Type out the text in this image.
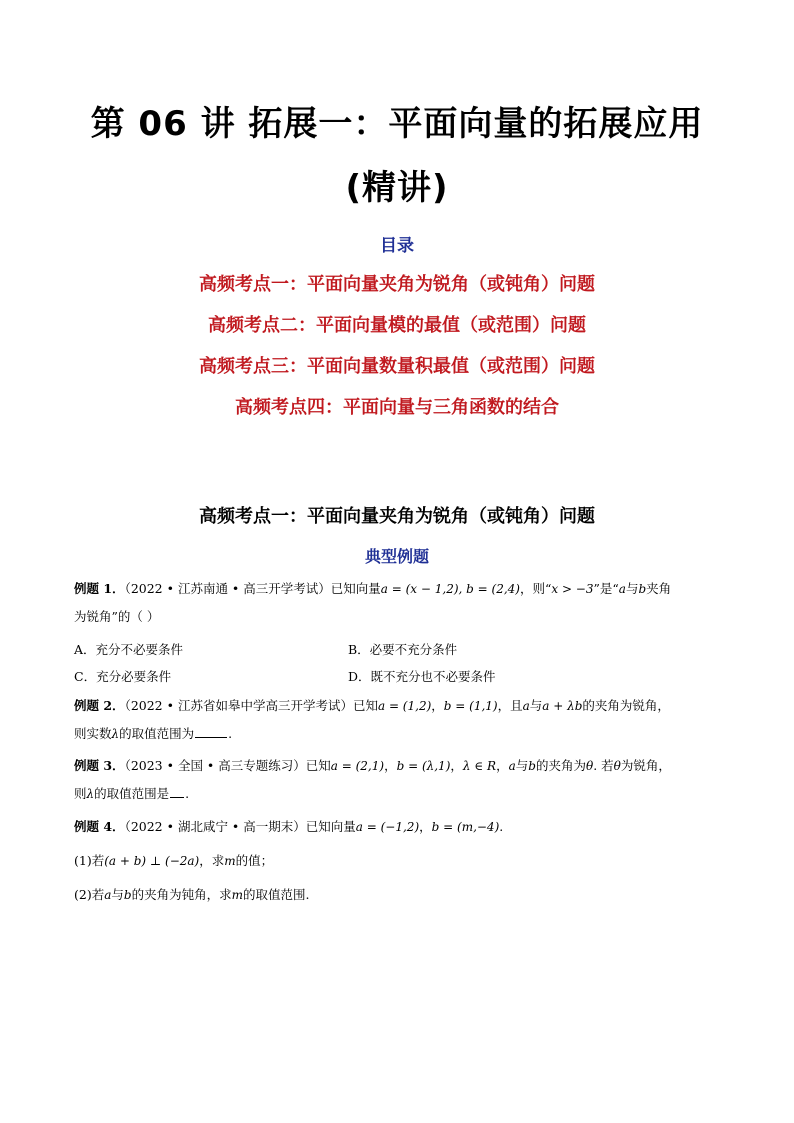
第 06 讲 拓展一：平面向量的拓展应用
(精讲)
目录
高频考点一：平面向量夹角为锐角（或钝角）问题
高频考点二：平面向量模的最值（或范围）问题
高频考点三：平面向量数量积最值（或范围）问题
高频考点四：平面向量与三角函数的结合
高频考点一：平面向量夹角为锐角（或钝角）问题
典型例题
例题 1．（2022 • 江苏南通 • 高三开学考试）已知向量a = (x − 1,2), b = (2,4)，则“x > −3”是“a与b夹角
为锐角”的（ ）
A．充分不必要条件	B．必要不充分条件
C．充分必要条件	D．既不充分也不必要条件
例题 2．（2022 • 江苏省如皋中学高三开学考试）已知a = (1,2)，b = (1,1)，且a与a + λb的夹角为锐角，
则实数λ的取值范围为	.
例题 3．（2023 • 全国 • 高三专题练习）已知a = (2,1)，b = (λ,1)，λ ∈ R，a与b的夹角为θ. 若θ为锐角，
则λ的取值范围是 .
例题 4．（2022 • 湖北咸宁 • 高一期末）已知向量a = (−1,2)，b = (m,−4).
(1)若(a + b) ⊥ (−2a)，求m的值；
(2)若a与b的夹角为钝角，求m的取值范围.
